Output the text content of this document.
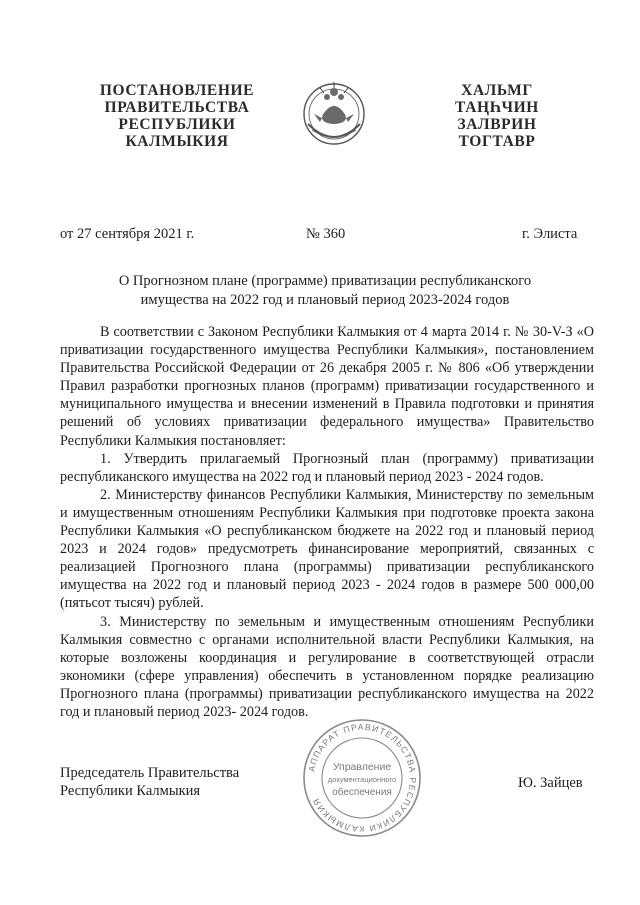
ПОСТАНОВЛЕНИЕ
ПРАВИТЕЛЬСТВА
РЕСПУБЛИКИ
КАЛМЫКИЯ
ХАЛЬМГ
ТАҢҺЧИН
ЗАЛВРИН
ТОГТАВР
от 27 сентября 2021 г.	№ 360	г. Элиста
О Прогнозном плане (программе) приватизации республиканского
имущества на 2022 год и плановый период 2023-2024 годов

В соответствии с Законом Республики Калмыкия от 4 марта 2014 г. № 30-V-З «О приватизации государственного имущества Республики Калмыкия», постановлением Правительства Российской Федерации от 26 декабря 2005 г. № 806 «Об утверждении Правил разработки прогнозных планов (программ) приватизации государственного и муниципального имущества и внесении изменений в Правила подготовки и принятия решений об условиях приватизации федерального имущества» Правительство Республики Калмыкия постановляет:

1. Утвердить прилагаемый Прогнозный план (программу) приватизации республиканского имущества на 2022 год и плановый период 2023 - 2024 годов.

2. Министерству финансов Республики Калмыкия, Министерству по земельным и имущественным отношениям Республики Калмыкия при подготовке проекта закона Республики Калмыкия «О республиканском бюджете на 2022 год и плановый период 2023 и 2024 годов» предусмотреть финансирование мероприятий, связанных с реализацией Прогнозного плана (программы) приватизации республиканского имущества на 2022 год и плановый период 2023 - 2024 годов в размере 500 000,00 (пятьсот тысяч) рублей.

3. Министерству по земельным и имущественным отношениям Республики Калмыкия совместно с органами исполнительной власти Республики Калмыкия, на которые возложены координация и регулирование в соответствующей отрасли экономики (сфере управления) обеспечить в установленном порядке реализацию Прогнозного плана (программы) приватизации республиканского имущества на 2022 год и плановый период 2023- 2024 годов.

Председатель Правительства
Республики Калмыкия
АППАРАТ ПРАВИТЕЛЬСТВА РЕСПУБЛИКИ КАЛМЫКИЯ
Управление
документационного
обеспечения
Ю. Зайцев
